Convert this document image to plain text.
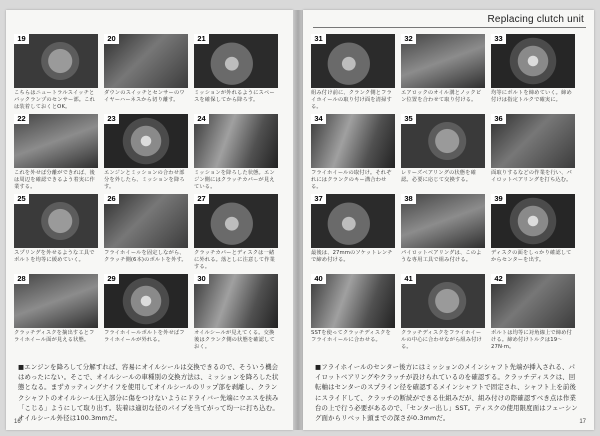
19
こちらはニュートラルスイッチとバックランプのセンサー部。これは装着しておくとOK。
20
ダウンのスイッチとセンサーのワイヤーハーネスから切り離す。
21
ミッションが外れるようにスペースを確保してから降ろす。
22
これを外せば分離ができれば、後は周辺を確認できるよう着実に作業する。
23
エンジンとミッションの合わせ部分を外したら、ミッションを降ろす。
24
ミッションを降ろした状態。エンジン側にはクラッチカバーが見えている。
25
スプリングを外せるような工具でボルトを均等に緩めていく。
26
フライホイールを固定しながら、クラッチ側(6本)のボルトを外す。
27
クラッチカバーとディスクは一緒に外れる。落としに注意して作業する。
28
クラッチディスクを摘出するとフライホイール面が見える状態。
29
フライホイールボルトを外せばフライホイールが外れる。
30
オイルシールが見えてくる。交換後はクランク側の状態を確認しておく。
■エンジンを降ろして分解すれば、容易にオイルシールは交換できるので、そういう機会はめったにない。そこで、オイルシールの車種別の交換方法は、ミッションを降ろした状態となる。まずカッティングナイフを使用してオイルシールのリップ部を剥離し、クランクシャフトのオイルシール圧入部分に傷をつけないようにドライバー先端にウエスを挟み「こじる」ようにして取り出す。装着は適切な径のパイプを当てがって均一に打ち込む。オイルシール外径は100.3mmだ。
16
Replacing clutch unit
31
組み付け前に、クランク側とフライホイールの取り付け面を清掃する。
32
エアロックのオイル溝とノックピン位置を合わせて取り付ける。
33
均等にボルトを締めていく。締め付けは指定トルクで確実に。
34
フライホイールの取付け。それぞれにはクランクのキー溝合わせる。
35
レリーズベアリングの状態を確認。必要に応じて交換する。
36
面取りするなどの作業を行い、パイロットベアリングを打ち込む。
37
最後は、27mmのソケットレンチで締め付ける。
38
パイロットベアリングは、このような専用工具で組み付ける。
39
ディスクの面をしっかり確認してからセンターを出す。
40
SSTを使ってクラッチディスクをフライホイールに合わせる。
41
クラッチディスクをフライホイールの中心に合わせながら組み付ける。
42
ボルトは均等に対角線上で締め付ける。締め付けトルクは19〜27N·m。
■フライホイールのセンター後方にはミッションのメインシャフト先端が挿入される、パイロットベアリングやクラッチが設けられているのを確認する。クラッチディスクは、回転軸はセンターのスプライン径を確認するメインシャフトで固定され、シャフト上を前後にスライドして、クラッチの断続ができる仕組みだが、組み付けの際確認すべき点は作業台の上で行う必要があるので、「センター出し」SST。ディスクの使用限度面はフェーシング面からリベット頭までの深さが0.3mmだ。	17
